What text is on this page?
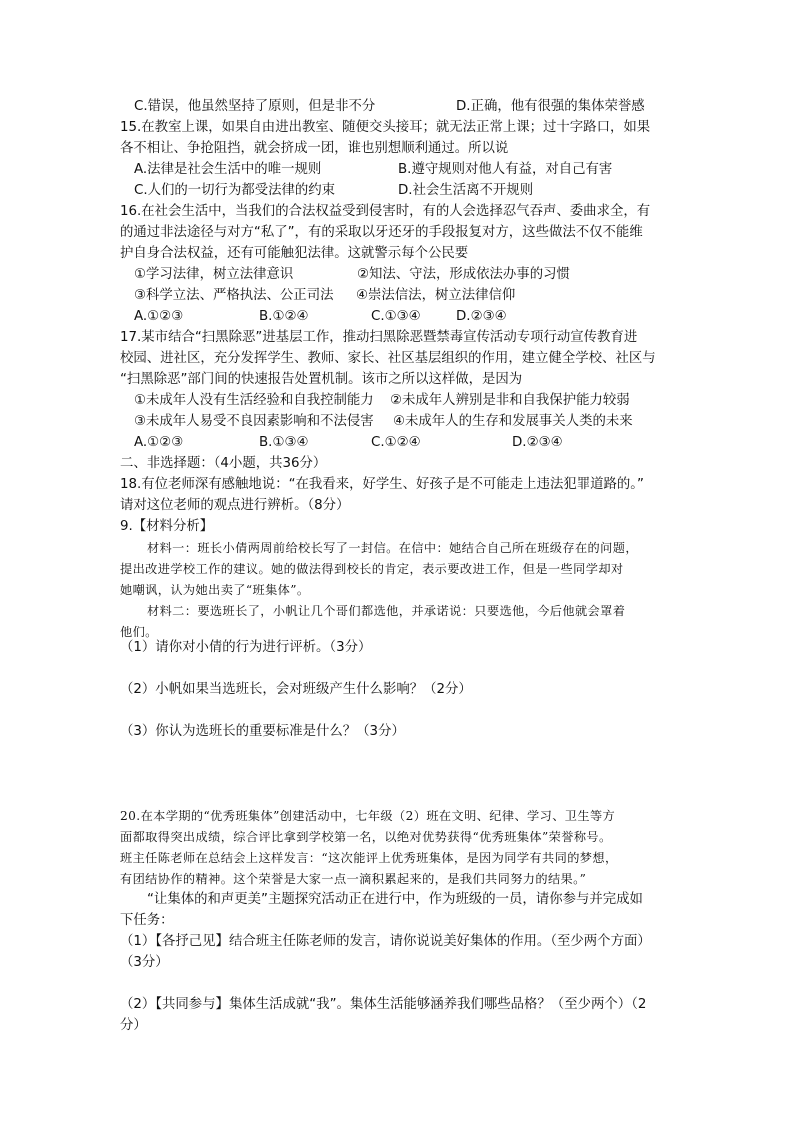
C.错误，他虽然坚持了原则，但是非不分	D.正确，他有很强的集体荣誉感
15.在教室上课，如果自由进出教室、随便交头接耳；就无法正常上课；过十字路口，如果
各不相让、争抢阻挡，就会挤成一团，谁也别想顺利通过。所以说
A.法律是社会生活中的唯一规则	B.遵守规则对他人有益，对自己有害
C.人们的一切行为都受法律的约束	D.社会生活离不开规则
16.在社会生活中，当我们的合法权益受到侵害时，有的人会选择忍气吞声、委曲求全，有
的通过非法途径与对方“私了”，有的采取以牙还牙的手段报复对方，这些做法不仅不能维
护自身合法权益，还有可能触犯法律。这就警示每个公民要
①学习法律，树立法律意识	②知法、守法，形成依法办事的习惯
③科学立法、严格执法、公正司法 ④崇法信法，树立法律信仰
A.①②③	B.①②④	C.①③④	D.②③④
17.某市结合“扫黑除恶”进基层工作，推动扫黑除恶暨禁毒宣传活动专项行动宣传教育进
校园、进社区，充分发挥学生、教师、家长、社区基层组织的作用，建立健全学校、社区与
“扫黑除恶”部门间的快速报告处置机制。该市之所以这样做，是因为
①未成年人没有生活经验和自我控制能力 ②未成年人辨别是非和自我保护能力较弱
③未成年人易受不良因素影响和不法侵害 ④未成年人的生存和发展事关人类的未来
A.①②③	B.①③④	C.①②④	D.②③④
二、非选择题：（4小题，共36分）
18.有位老师深有感触地说：“在我看来，好学生、好孩子是不可能走上违法犯罪道路的。”
请对这位老师的观点进行辨析。（8分）
9.【材料分析】
材料一：班长小倩两周前给校长写了一封信。在信中：她结合自己所在班级存在的问题，
提出改进学校工作的建议。她的做法得到校长的肯定，表示要改进工作，但是一些同学却对
她嘲讽，认为她出卖了“班集体”。
材料二：要选班长了，小帆让几个哥们都选他，并承诺说：只要选他，今后他就会罩着
他们。
（1）请你对小倩的行为进行评析。（3分）
（2）小帆如果当选班长，会对班级产生什么影响？（2分）
（3）你认为选班长的重要标准是什么？（3分）
20.在本学期的“优秀班集体”创建活动中，七年级（2）班在文明、纪律、学习、卫生等方
面都取得突出成绩，综合评比拿到学校第一名，以绝对优势获得“优秀班集体”荣誉称号。
班主任陈老师在总结会上这样发言：“这次能评上优秀班集体，是因为同学有共同的梦想，
有团结协作的精神。这个荣誉是大家一点一滴积累起来的，是我们共同努力的结果。”
“让集体的和声更美”主题探究活动正在进行中，作为班级的一员，请你参与并完成如
下任务：
（1）【各抒己见】结合班主任陈老师的发言，请你说说美好集体的作用。（至少两个方面）
（3分）
（2）【共同参与】集体生活成就“我”。集体生活能够涵养我们哪些品格？（至少两个）（2
分）
